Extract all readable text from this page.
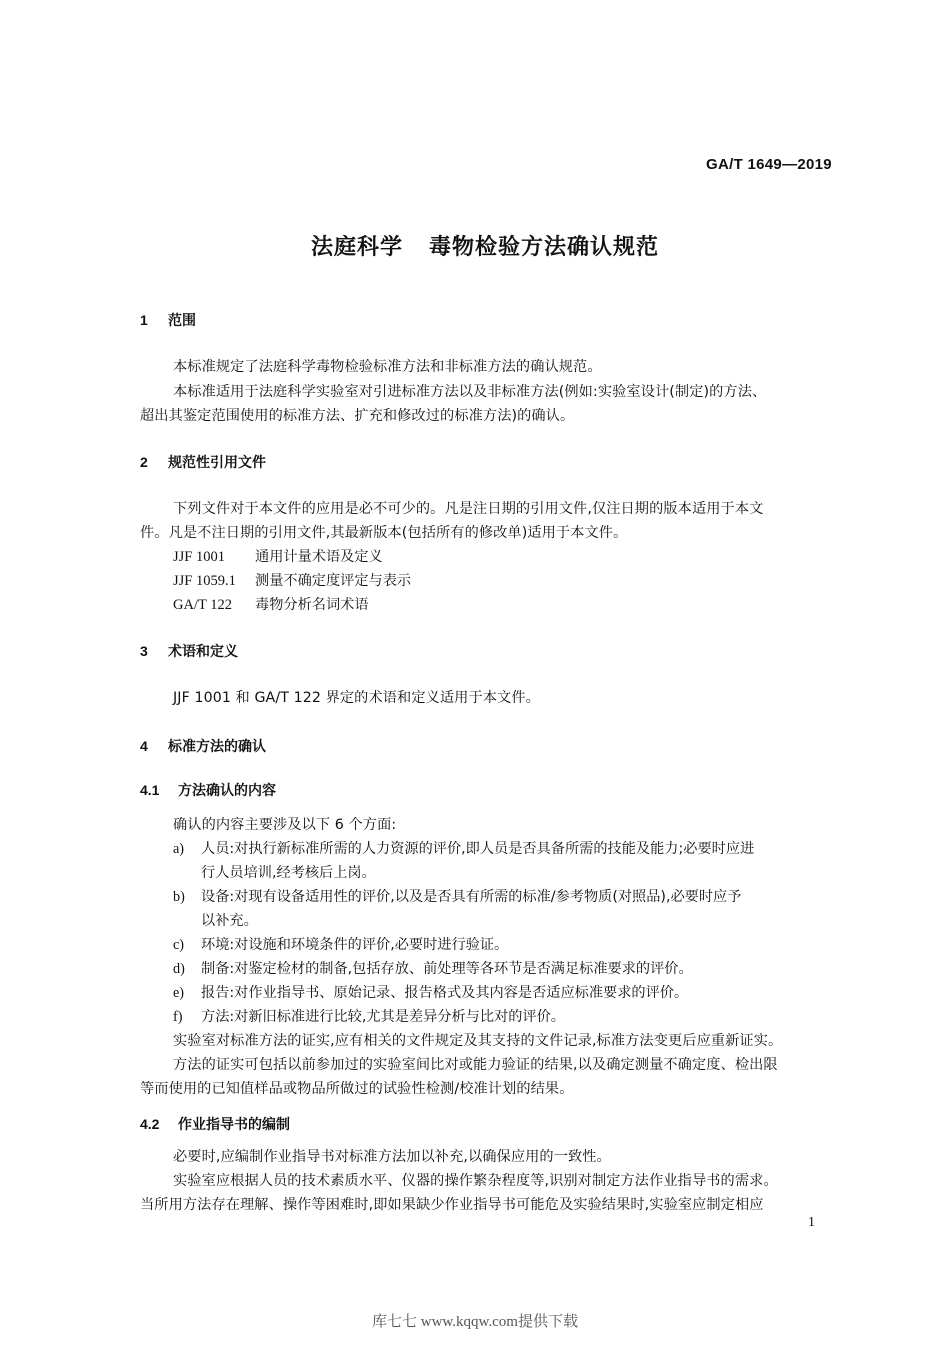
GA/T 1649—2019
法庭科学 毒物检验方法确认规范
1 范围
本标准规定了法庭科学毒物检验标准方法和非标准方法的确认规范。
本标准适用于法庭科学实验室对引进标准方法以及非标准方法(例如:实验室设计(制定)的方法、
超出其鉴定范围使用的标准方法、扩充和修改过的标准方法)的确认。
2 规范性引用文件
下列文件对于本文件的应用是必不可少的。凡是注日期的引用文件,仅注日期的版本适用于本文
件。凡是不注日期的引用文件,其最新版本(包括所有的修改单)适用于本文件。
JJF 1001 通用计量术语及定义
JJF 1059.1 测量不确定度评定与表示
GA/T 122 毒物分析名词术语
3 术语和定义
JJF 1001 和 GA/T 122 界定的术语和定义适用于本文件。
4 标准方法的确认
4.1 方法确认的内容
确认的内容主要涉及以下 6 个方面:
a) 人员:对执行新标准所需的人力资源的评价,即人员是否具备所需的技能及能力;必要时应进
行人员培训,经考核后上岗。
b) 设备:对现有设备适用性的评价,以及是否具有所需的标准/参考物质(对照品),必要时应予
以补充。
c) 环境:对设施和环境条件的评价,必要时进行验证。
d) 制备:对鉴定检材的制备,包括存放、前处理等各环节是否满足标准要求的评价。
e) 报告:对作业指导书、原始记录、报告格式及其内容是否适应标准要求的评价。
f) 方法:对新旧标准进行比较,尤其是差异分析与比对的评价。
实验室对标准方法的证实,应有相关的文件规定及其支持的文件记录,标准方法变更后应重新证实。
方法的证实可包括以前参加过的实验室间比对或能力验证的结果,以及确定测量不确定度、检出限
等而使用的已知值样品或物品所做过的试验性检测/校准计划的结果。
4.2 作业指导书的编制
必要时,应编制作业指导书对标准方法加以补充,以确保应用的一致性。
实验室应根据人员的技术素质水平、仪器的操作繁杂程度等,识别对制定方法作业指导书的需求。
当所用方法存在理解、操作等困难时,即如果缺少作业指导书可能危及实验结果时,实验室应制定相应
1
库七七 www.kqqw.com提供下载
